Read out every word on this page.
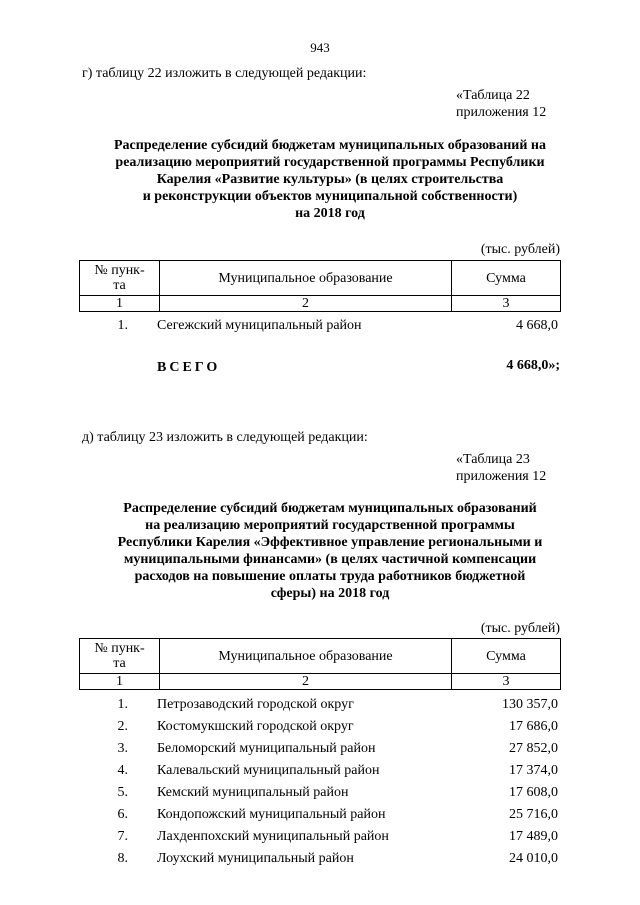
943
г) таблицу 22 изложить в следующей редакции:
«Таблица 22
приложения 12
Распределение субсидий бюджетам муниципальных образований на
реализацию мероприятий государственной программы Республики
Карелия «Развитие культуры» (в целях строительства
и реконструкции объектов муниципальной собственности)
на 2018 год
(тыс. рублей)
№ пунк-
та	Муниципальное образование	Сумма
1	2	3
1. Сегежский муниципальный район	4 668,0
ВСЕГО	4 668,0»;
д) таблицу 23 изложить в следующей редакции:
«Таблица 23
приложения 12
Распределение субсидий бюджетам муниципальных образований
на реализацию мероприятий государственной программы
Республики Карелия «Эффективное управление региональными и
муниципальными финансами» (в целях частичной компенсации
расходов на повышение оплаты труда работников бюджетной
сферы) на 2018 год
(тыс. рублей)
№ пунк-
та	Муниципальное образование	Сумма
1	2	3
1. Петрозаводский городской округ	130 357,0
2. Костомукшский городской округ	17 686,0
3. Беломорский муниципальный район	27 852,0
4. Калевальский муниципальный район	17 374,0
5. Кемский муниципальный район	17 608,0
6. Кондопожский муниципальный район	25 716,0
7. Лахденпохский муниципальный район	17 489,0
8. Лоухский муниципальный район	24 010,0
